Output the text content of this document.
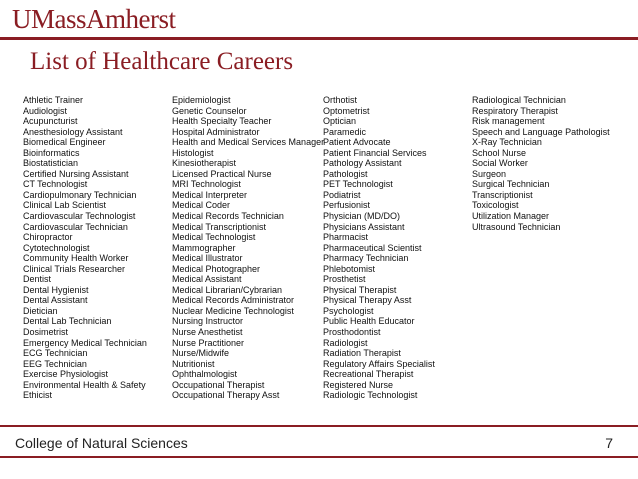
UMassAmherst
List of Healthcare Careers
Athletic Trainer
Audiologist
Acupuncturist
Anesthesiology Assistant
Biomedical Engineer
Bioinformatics
Biostatistician
Certified Nursing Assistant
CT Technologist
Cardiopulmonary Technician
Clinical Lab Scientist
Cardiovascular Technologist
Cardiovascular Technician
Chiropractor
Cytotechnologist
Community Health Worker
Clinical Trials Researcher
Dentist
Dental Hygienist
Dental Assistant
Dietician
Dental Lab Technician
Dosimetrist
Emergency Medical Technician
ECG Technician
EEG Technician
Exercise Physiologist
Environmental Health & Safety
Ethicist
Epidemiologist
Genetic Counselor
Health Specialty Teacher
Hospital Administrator
Health and Medical Services Manager
Histologist
Kinesiotherapist
Licensed Practical Nurse
MRI Technologist
Medical Interpreter
Medical Coder
Medical Records Technician
Medical Transcriptionist
Medical Technologist
Mammographer
Medical Illustrator
Medical Photographer
Medical Assistant
Medical Librarian/Cybrarian
Medical Records Administrator
Nuclear Medicine Technologist
Nursing Instructor
Nurse Anesthetist
Nurse Practitioner
Nurse/Midwife
Nutritionist
Ophthalmologist
Occupational Therapist
Occupational Therapy Asst
Orthotist
Optometrist
Optician
Paramedic
Patient Advocate
Patient Financial Services
Pathology Assistant
Pathologist
PET Technologist
Podiatrist
Perfusionist
Physician (MD/DO)
Physicians Assistant
Pharmacist
Pharmaceutical Scientist
Pharmacy Technician
Phlebotomist
Prosthetist
Physical Therapist
Physical Therapy Asst
Psychologist
Public Health Educator
Prosthodontist
Radiologist
Radiation Therapist
Regulatory Affairs Specialist
Recreational Therapist
Registered Nurse
Radiologic Technologist
Radiological Technician
Respiratory Therapist
Risk management
Speech and Language Pathologist
X-Ray Technician
School Nurse
Social Worker
Surgeon
Surgical Technician
Transcriptionist
Toxicologist
Utilization Manager
Ultrasound Technician
College of Natural Sciences	7
